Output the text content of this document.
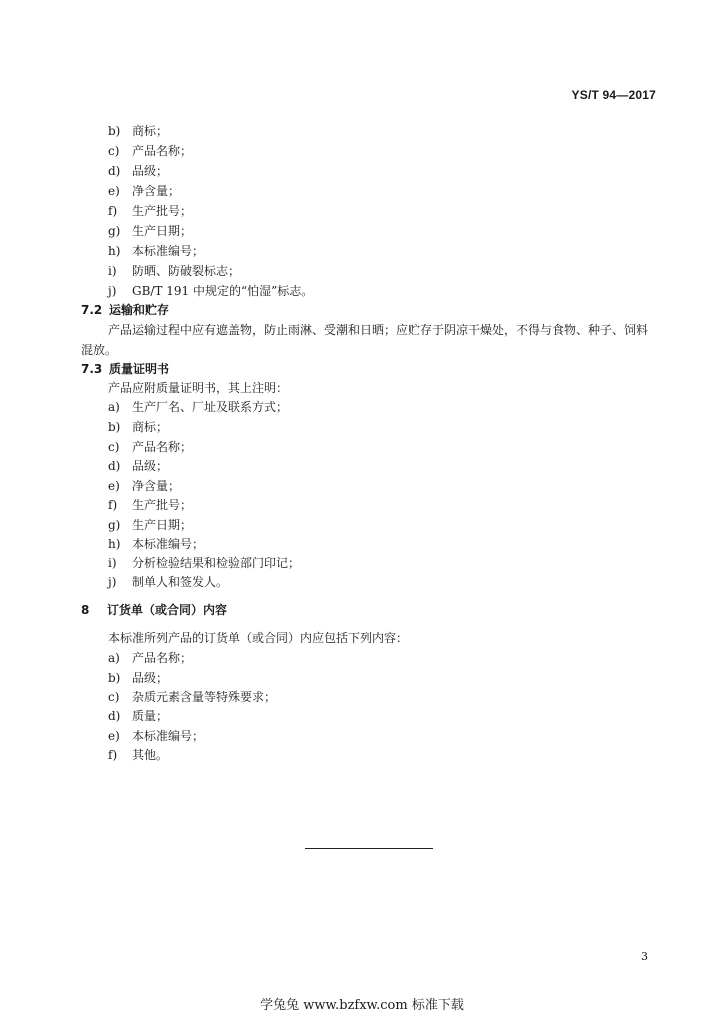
YS/T 94—2017
b) 商标；
c) 产品名称；
d) 品级；
e) 净含量；
f) 生产批号；
g) 生产日期；
h) 本标准编号；
i) 防晒、防破裂标志；
j) GB/T 191 中规定的“怕湿”标志。
7.2 运输和贮存
产品运输过程中应有遮盖物，防止雨淋、受潮和日晒；应贮存于阴凉干燥处，不得与食物、种子、饲料
混放。
7.3 质量证明书
产品应附质量证明书，其上注明：
a) 生产厂名、厂址及联系方式；
b) 商标；
c) 产品名称；
d) 品级；
e) 净含量；
f) 生产批号；
g) 生产日期；
h) 本标准编号；
i) 分析检验结果和检验部门印记；
j) 制单人和签发人。
8 订货单（或合同）内容
本标准所列产品的订货单（或合同）内应包括下列内容：
a) 产品名称；
b) 品级；
c) 杂质元素含量等特殊要求；
d) 质量；
e) 本标准编号；
f) 其他。
3
学兔兔 www.bzfxw.com 标准下载
